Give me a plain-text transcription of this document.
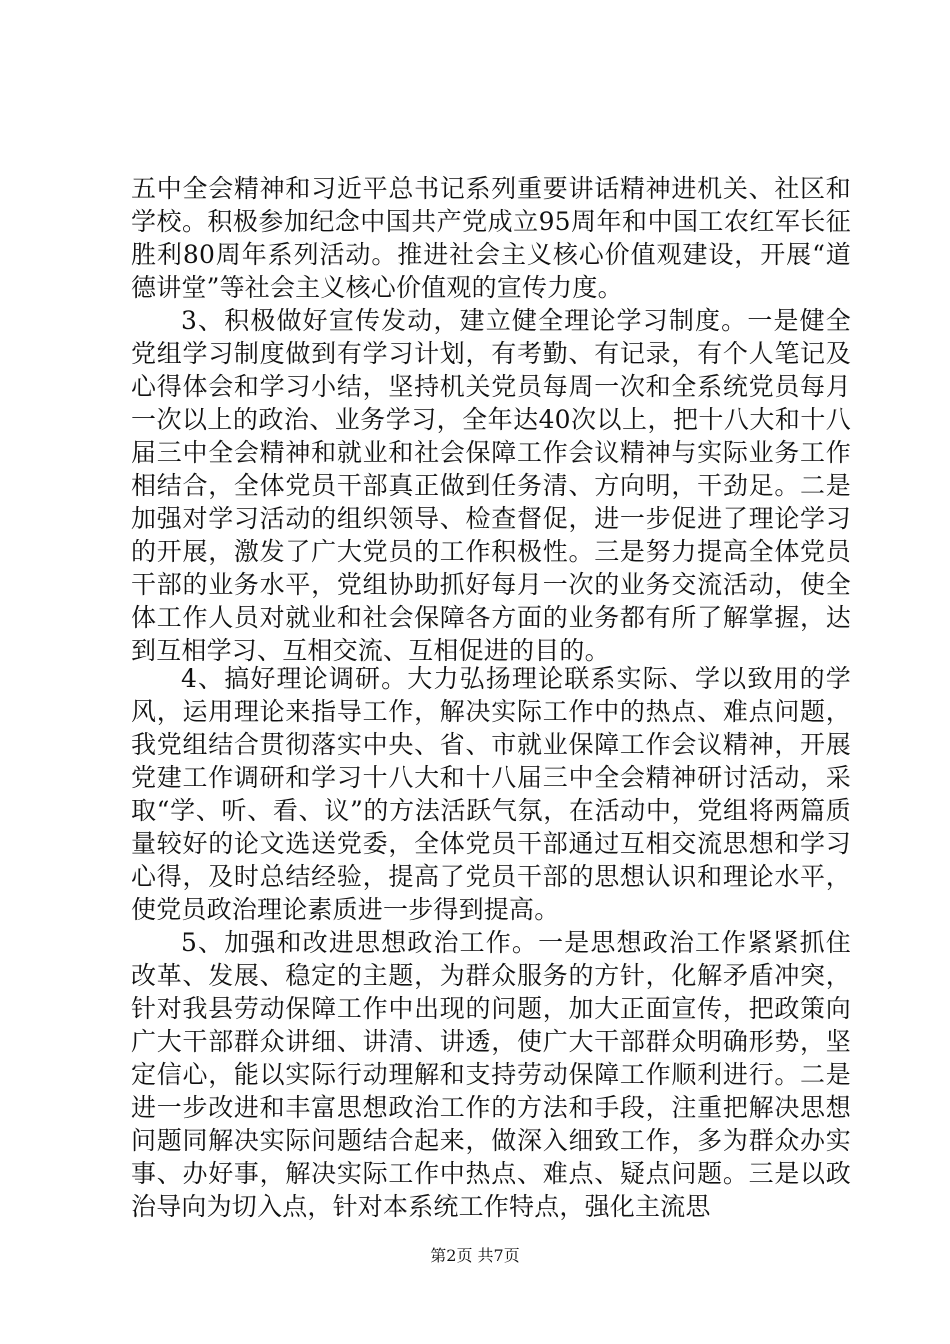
五中全会精神和习近平总书记系列重要讲话精神进机关、社区和学校。积极参加纪念中国共产党成立95周年和中国工农红军长征胜利80周年系列活动。推进社会主义核心价值观建设，开展“道德讲堂”等社会主义核心价值观的宣传力度。

3、积极做好宣传发动，建立健全理论学习制度。一是健全党组学习制度做到有学习计划，有考勤、有记录，有个人笔记及心得体会和学习小结，坚持机关党员每周一次和全系统党员每月一次以上的政治、业务学习，全年达40次以上，把十八大和十八届三中全会精神和就业和社会保障工作会议精神与实际业务工作相结合，全体党员干部真正做到任务清、方向明，干劲足。二是加强对学习活动的组织领导、检查督促，进一步促进了理论学习的开展，激发了广大党员的工作积极性。三是努力提高全体党员干部的业务水平，党组协助抓好每月一次的业务交流活动，使全体工作人员对就业和社会保障各方面的业务都有所了解掌握，达到互相学习、互相交流、互相促进的目的。

4、搞好理论调研。大力弘扬理论联系实际、学以致用的学风，运用理论来指导工作，解决实际工作中的热点、难点问题，我党组结合贯彻落实中央、省、市就业保障工作会议精神，开展党建工作调研和学习十八大和十八届三中全会精神研讨活动，采取“学、听、看、议”的方法活跃气氛，在活动中，党组将两篇质量较好的论文选送党委，全体党员干部通过互相交流思想和学习心得，及时总结经验，提高了党员干部的思想认识和理论水平，使党员政治理论素质进一步得到提高。

5、加强和改进思想政治工作。一是思想政治工作紧紧抓住改革、发展、稳定的主题，为群众服务的方针，化解矛盾冲突，针对我县劳动保障工作中出现的问题，加大正面宣传，把政策向广大干部群众讲细、讲清、讲透，使广大干部群众明确形势，坚定信心，能以实际行动理解和支持劳动保障工作顺利进行。二是进一步改进和丰富思想政治工作的方法和手段，注重把解决思想问题同解决实际问题结合起来，做深入细致工作，多为群众办实事、办好事，解决实际工作中热点、难点、疑点问题。三是以政治导向为切入点，针对本系统工作特点，强化主流思

第2页 共7页
